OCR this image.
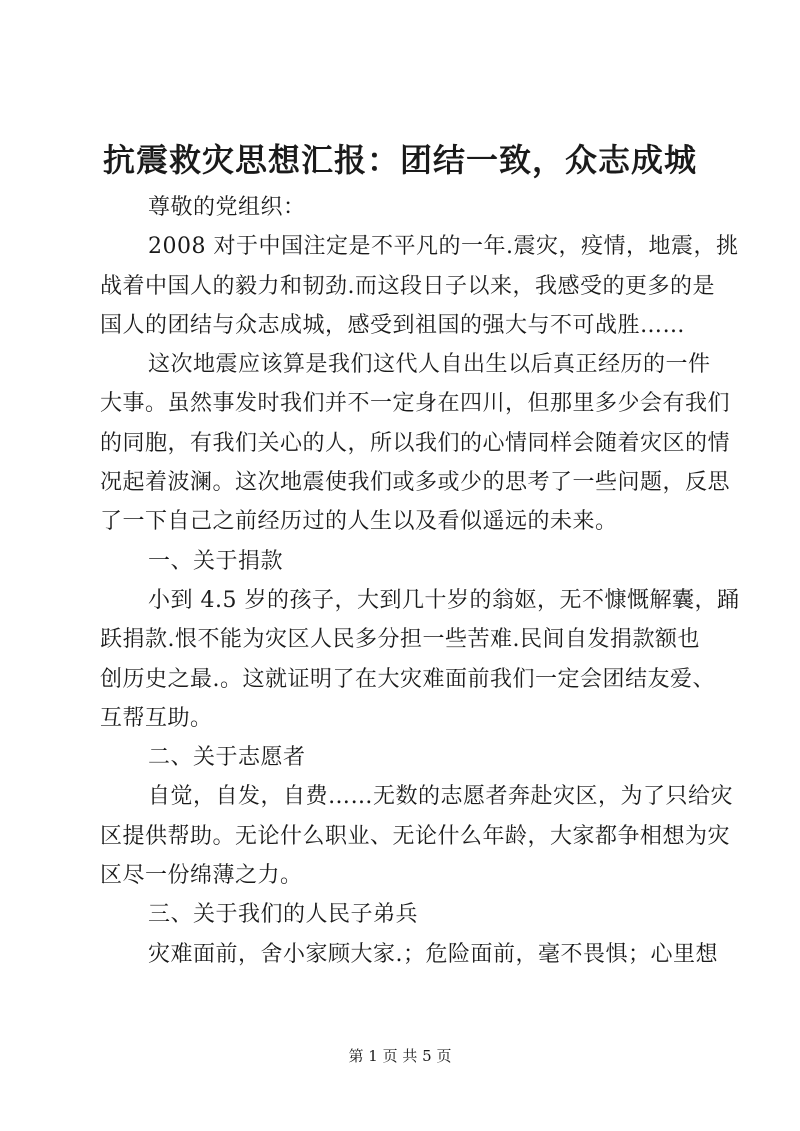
抗震救灾思想汇报：团结一致，众志成城
尊敬的党组织：
2008 对于中国注定是不平凡的一年.震灾，疫情，地震，挑
战着中国人的毅力和韧劲.而这段日子以来，我感受的更多的是
国人的团结与众志成城，感受到祖国的强大与不可战胜……
这次地震应该算是我们这代人自出生以后真正经历的一件
大事。虽然事发时我们并不一定身在四川，但那里多少会有我们
的同胞，有我们关心的人，所以我们的心情同样会随着灾区的情
况起着波澜。这次地震使我们或多或少的思考了一些问题，反思
了一下自己之前经历过的人生以及看似遥远的未来。
一、关于捐款
小到 4.5 岁的孩子，大到几十岁的翁妪，无不慷慨解囊，踊
跃捐款.恨不能为灾区人民多分担一些苦难.民间自发捐款额也
创历史之最.。这就证明了在大灾难面前我们一定会团结友爱、
互帮互助。
二、关于志愿者
自觉，自发，自费……无数的志愿者奔赴灾区，为了只给灾
区提供帮助。无论什么职业、无论什么年龄，大家都争相想为灾
区尽一份绵薄之力。
三、关于我们的人民子弟兵
灾难面前，舍小家顾大家.；危险面前，毫不畏惧；心里想
第 1 页 共 5 页
